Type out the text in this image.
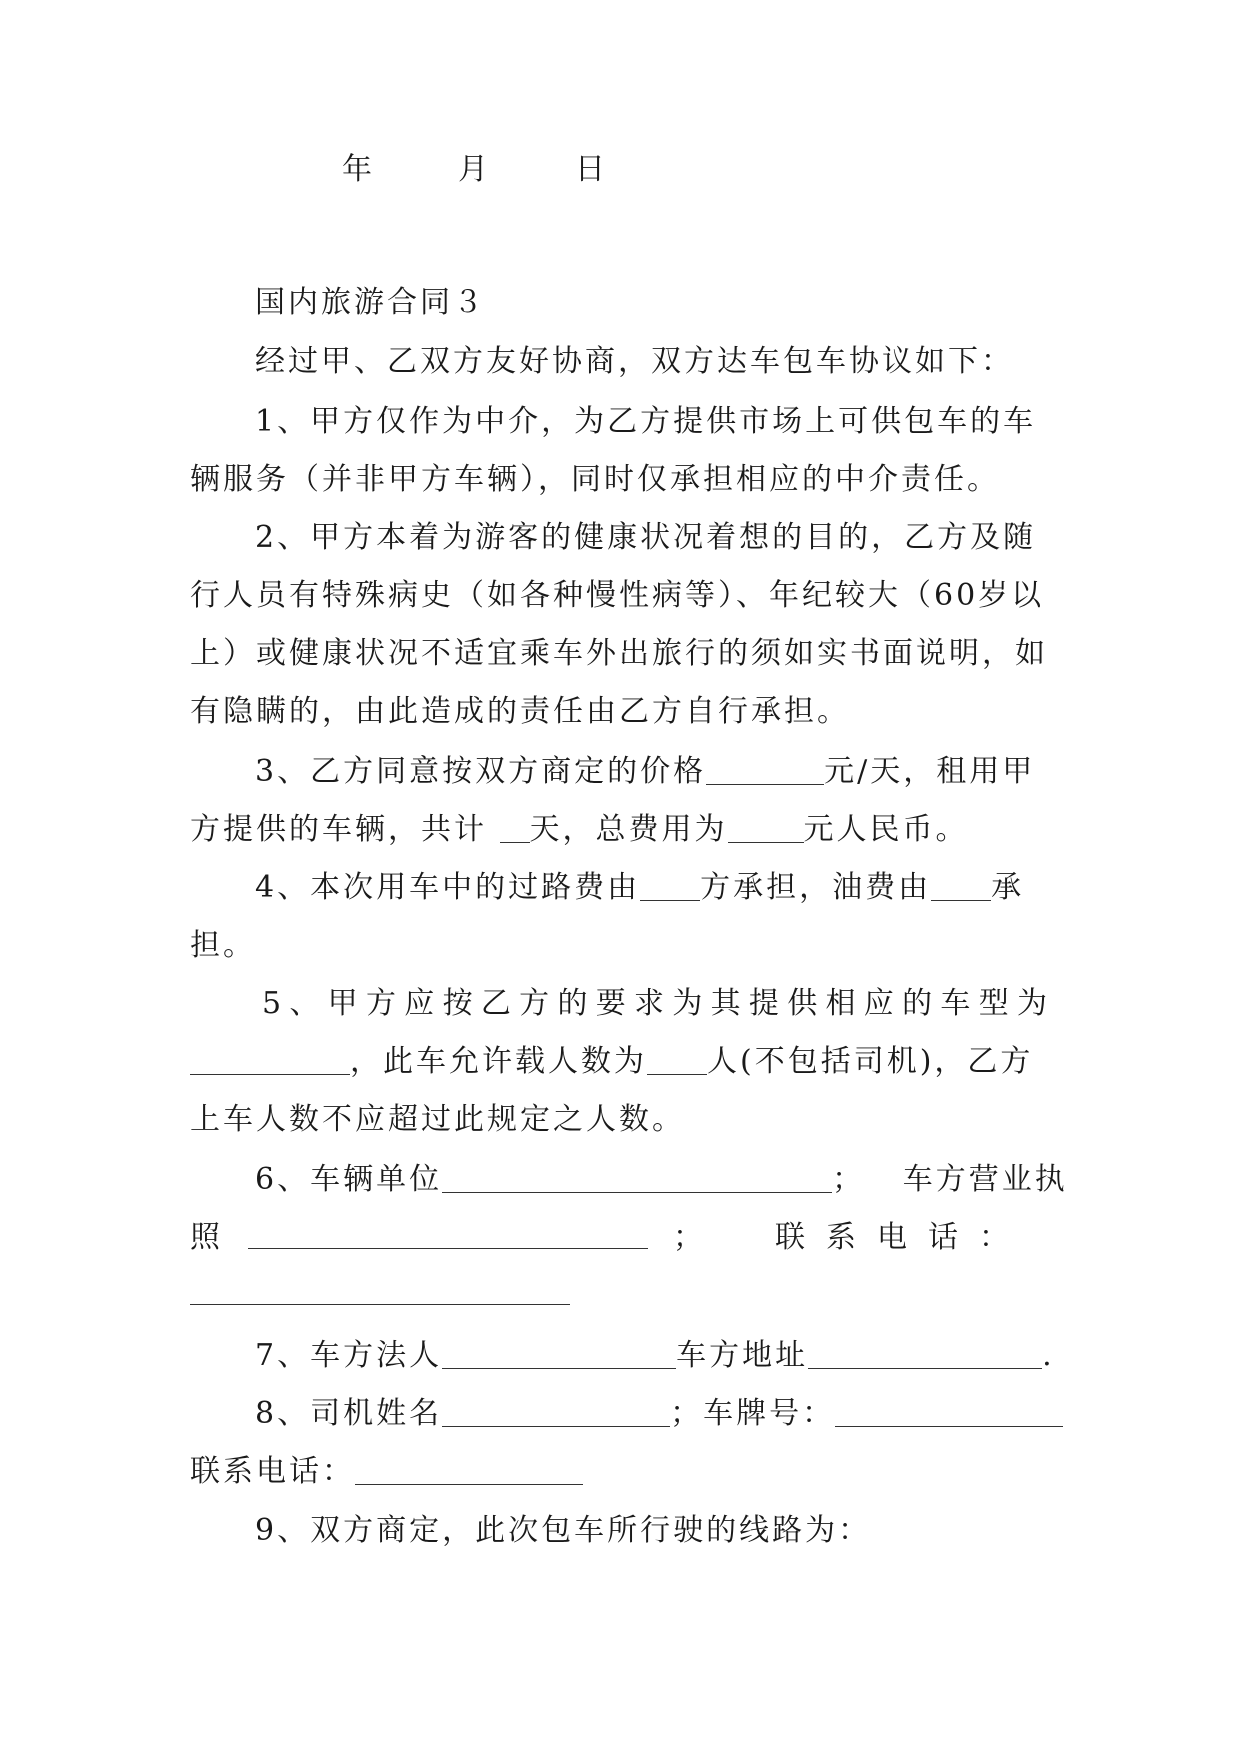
年	月	日
国内旅游合同３
经过甲、乙双方友好协商，双方达车包车协议如下：
1、甲方仅作为中介，为乙方提供市场上可供包车的车
辆服务（并非甲方车辆），同时仅承担相应的中介责任。
2、甲方本着为游客的健康状况着想的目的，乙方及随
行人员有特殊病史（如各种慢性病等）、年纪较大（60岁以
上）或健康状况不适宜乘车外出旅行的须如实书面说明，如
有隐瞒的，由此造成的责任由乙方自行承担。
3、乙方同意按双方商定的价格	元/天，租用甲
方提供的车辆，共计 天，总费用为	元人民币。
4、本次用车中的过路费由 方承担，油费由 承
担。
5、甲方应按乙方的要求为其提供相应的车型为
，此车允许载人数为 人(不包括司机)，乙方
上车人数不应超过此规定之人数。
6、车辆单位	； 车方营业执
照	； 联系电话：
7、车方法人	车方地址	.
8、司机姓名	；车牌号：
联系电话：
9、双方商定，此次包车所行驶的线路为：
